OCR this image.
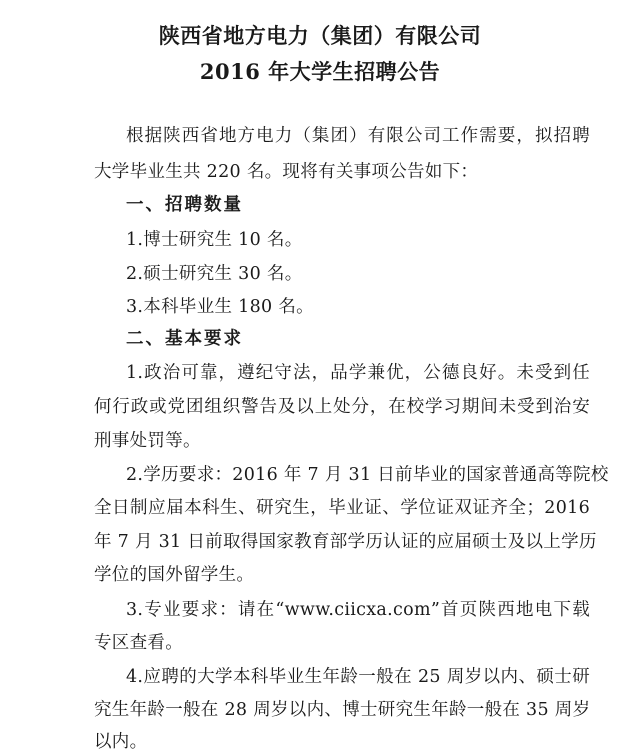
陕西省地方电力（集团）有限公司
2016 年大学生招聘公告
根据陕西省地方电力（集团）有限公司工作需要，拟招聘
大学毕业生共 220 名。现将有关事项公告如下：
一、招聘数量
1.博士研究生 10 名。
2.硕士研究生 30 名。
3.本科毕业生 180 名。
二、基本要求
1.政治可靠，遵纪守法，品学兼优，公德良好。未受到任
何行政或党团组织警告及以上处分，在校学习期间未受到治安
刑事处罚等。
2.学历要求：2016 年 7 月 31 日前毕业的国家普通高等院校
全日制应届本科生、研究生，毕业证、学位证双证齐全；2016
年 7 月 31 日前取得国家教育部学历认证的应届硕士及以上学历
学位的国外留学生。
3.专业要求：请在“www.ciicxa.com”首页陕西地电下载
专区查看。
4.应聘的大学本科毕业生年龄一般在 25 周岁以内、硕士研
究生年龄一般在 28 周岁以内、博士研究生年龄一般在 35 周岁
以内。
